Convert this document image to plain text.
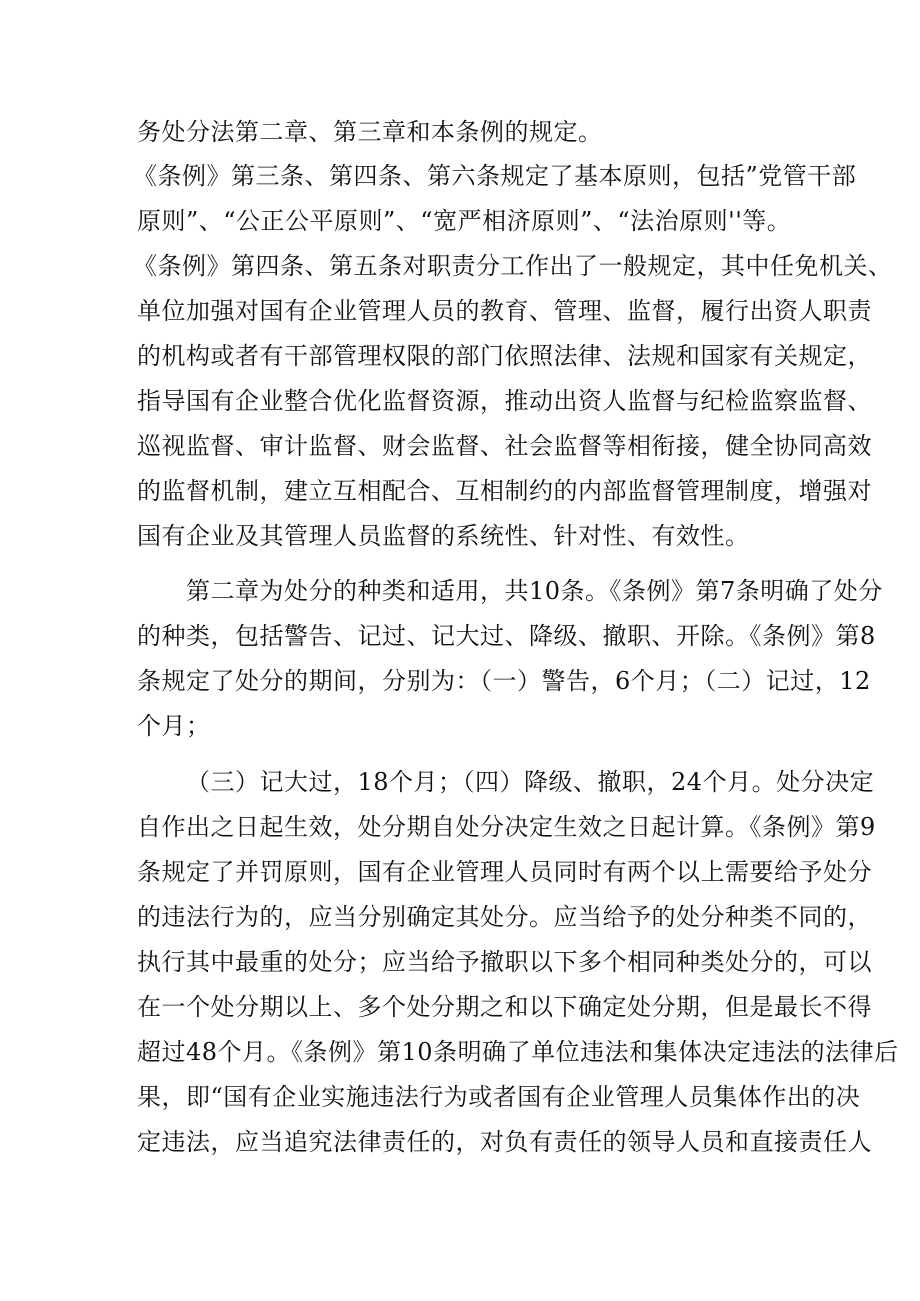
务处分法第二章、第三章和本条例的规定。
《条例》第三条、第四条、第六条规定了基本原则，包括”党管干部
原则”、“公正公平原则”、“宽严相济原则”、“法治原则''等。
《条例》第四条、第五条对职责分工作出了一般规定，其中任免机关、
单位加强对国有企业管理人员的教育、管理、监督，履行出资人职责
的机构或者有干部管理权限的部门依照法律、法规和国家有关规定，
指导国有企业整合优化监督资源，推动出资人监督与纪检监察监督、
巡视监督、审计监督、财会监督、社会监督等相衔接，健全协同高效
的监督机制，建立互相配合、互相制约的内部监督管理制度，增强对
国有企业及其管理人员监督的系统性、针对性、有效性。
第二章为处分的种类和适用，共10条。《条例》第7条明确了处分
的种类，包括警告、记过、记大过、降级、撤职、开除。《条例》第8
条规定了处分的期间，分别为：（一）警告，6个月；（二）记过，12
个月；
（三）记大过，18个月；（四）降级、撤职，24个月。处分决定
自作出之日起生效，处分期自处分决定生效之日起计算。《条例》第9
条规定了并罚原则，国有企业管理人员同时有两个以上需要给予处分
的违法行为的，应当分别确定其处分。应当给予的处分种类不同的，
执行其中最重的处分；应当给予撤职以下多个相同种类处分的，可以
在一个处分期以上、多个处分期之和以下确定处分期，但是最长不得
超过48个月。《条例》第10条明确了单位违法和集体决定违法的法律后
果，即“国有企业实施违法行为或者国有企业管理人员集体作出的决
定违法，应当追究法律责任的，对负有责任的领导人员和直接责任人
